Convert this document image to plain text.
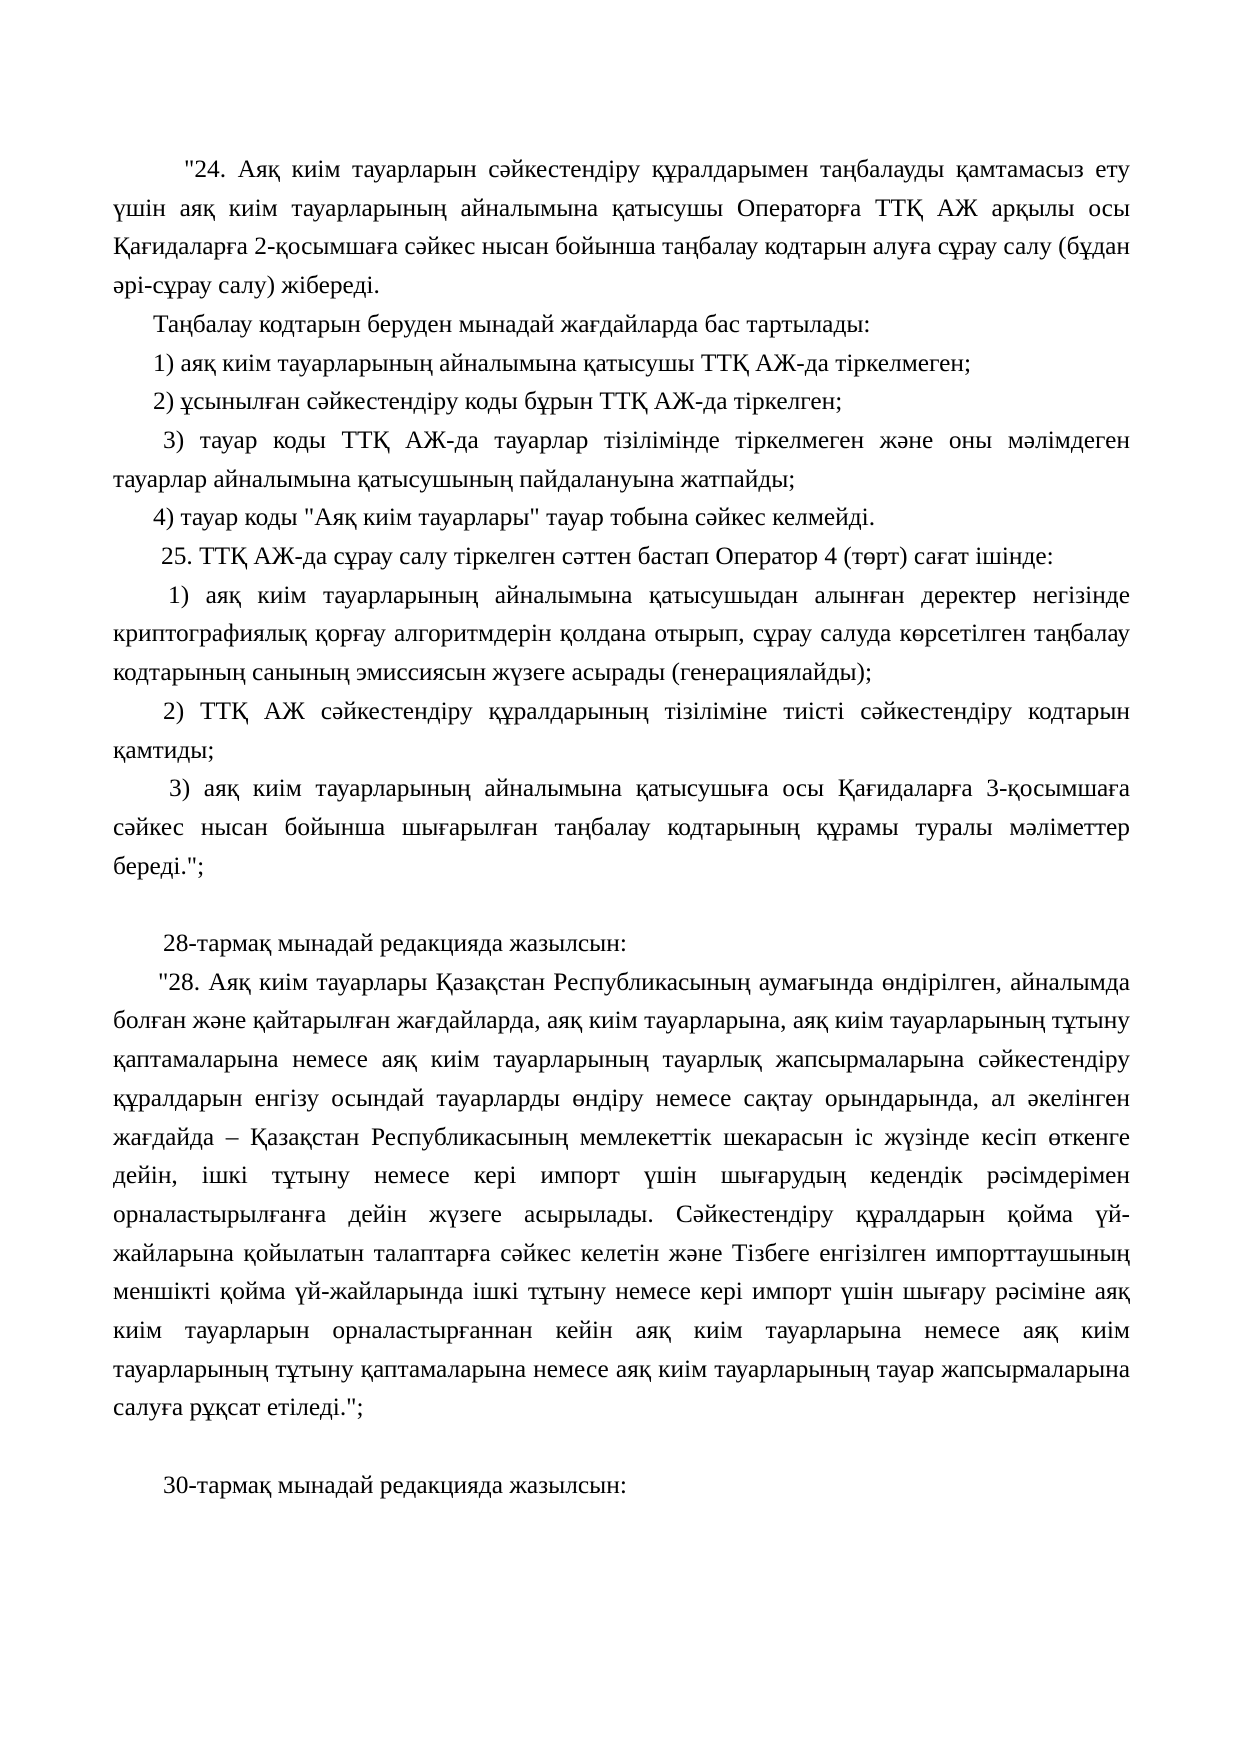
"24. Аяқ киім тауарларын сәйкестендіру құралдарымен таңбалауды қамтамасыз ету үшін аяқ киім тауарларының айналымына қатысушы Операторға ТТҚ АЖ арқылы осы Қағидаларға 2-қосымшаға сәйкес нысан бойынша таңбалау кодтарын алуға сұрау салу (бұдан әрі-сұрау салу) жібереді.

Таңбалау кодтарын беруден мынадай жағдайларда бас тартылады:

1) аяқ киім тауарларының айналымына қатысушы ТТҚ АЖ-да тіркелмеген;

2) ұсынылған сәйкестендіру коды бұрын ТТҚ АЖ-да тіркелген;

3) тауар коды ТТҚ АЖ-да тауарлар тізілімінде тіркелмеген және оны мәлімдеген тауарлар айналымына қатысушының пайдалануына жатпайды;

4) тауар коды "Аяқ киім тауарлары" тауар тобына сәйкес келмейді.

25. ТТҚ АЖ-да сұрау салу тіркелген сәттен бастап Оператор 4 (төрт) сағат ішінде:

1) аяқ киім тауарларының айналымына қатысушыдан алынған деректер негізінде криптографиялық қорғау алгоритмдерін қолдана отырып, сұрау салуда көрсетілген таңбалау кодтарының санының эмиссиясын жүзеге асырады (генерациялайды);

2) ТТҚ АЖ сәйкестендіру құралдарының тізіліміне тиісті сәйкестендіру кодтарын қамтиды;

3) аяқ киім тауарларының айналымына қатысушыға осы Қағидаларға 3-қосымшаға сәйкес нысан бойынша шығарылған таңбалау кодтарының құрамы туралы мәліметтер береді.";

28-тармақ мынадай редакцияда жазылсын:

"28. Аяқ киім тауарлары Қазақстан Республикасының аумағында өндірілген, айналымда болған және қайтарылған жағдайларда, аяқ киім тауарларына, аяқ киім тауарларының тұтыну қаптамаларына немесе аяқ киім тауарларының тауарлық жапсырмаларына сәйкестендіру құралдарын енгізу осындай тауарларды өндіру немесе сақтау орындарында, ал әкелінген жағдайда – Қазақстан Республикасының мемлекеттік шекарасын іс жүзінде кесіп өткенге дейін, ішкі тұтыну немесе кері импорт үшін шығарудың кедендік рәсімдерімен орналастырылғанға дейін жүзеге асырылады. Сәйкестендіру құралдарын қойма үй-жайларына қойылатын талаптарға сәйкес келетін және Тізбеге енгізілген импорттаушының меншікті қойма үй-жайларында ішкі тұтыну немесе кері импорт үшін шығару рәсіміне аяқ киім тауарларын орналастырғаннан кейін аяқ киім тауарларына немесе аяқ киім тауарларының тұтыну қаптамаларына немесе аяқ киім тауарларының тауар жапсырмаларына салуға рұқсат етіледі.";

30-тармақ мынадай редакцияда жазылсын:
